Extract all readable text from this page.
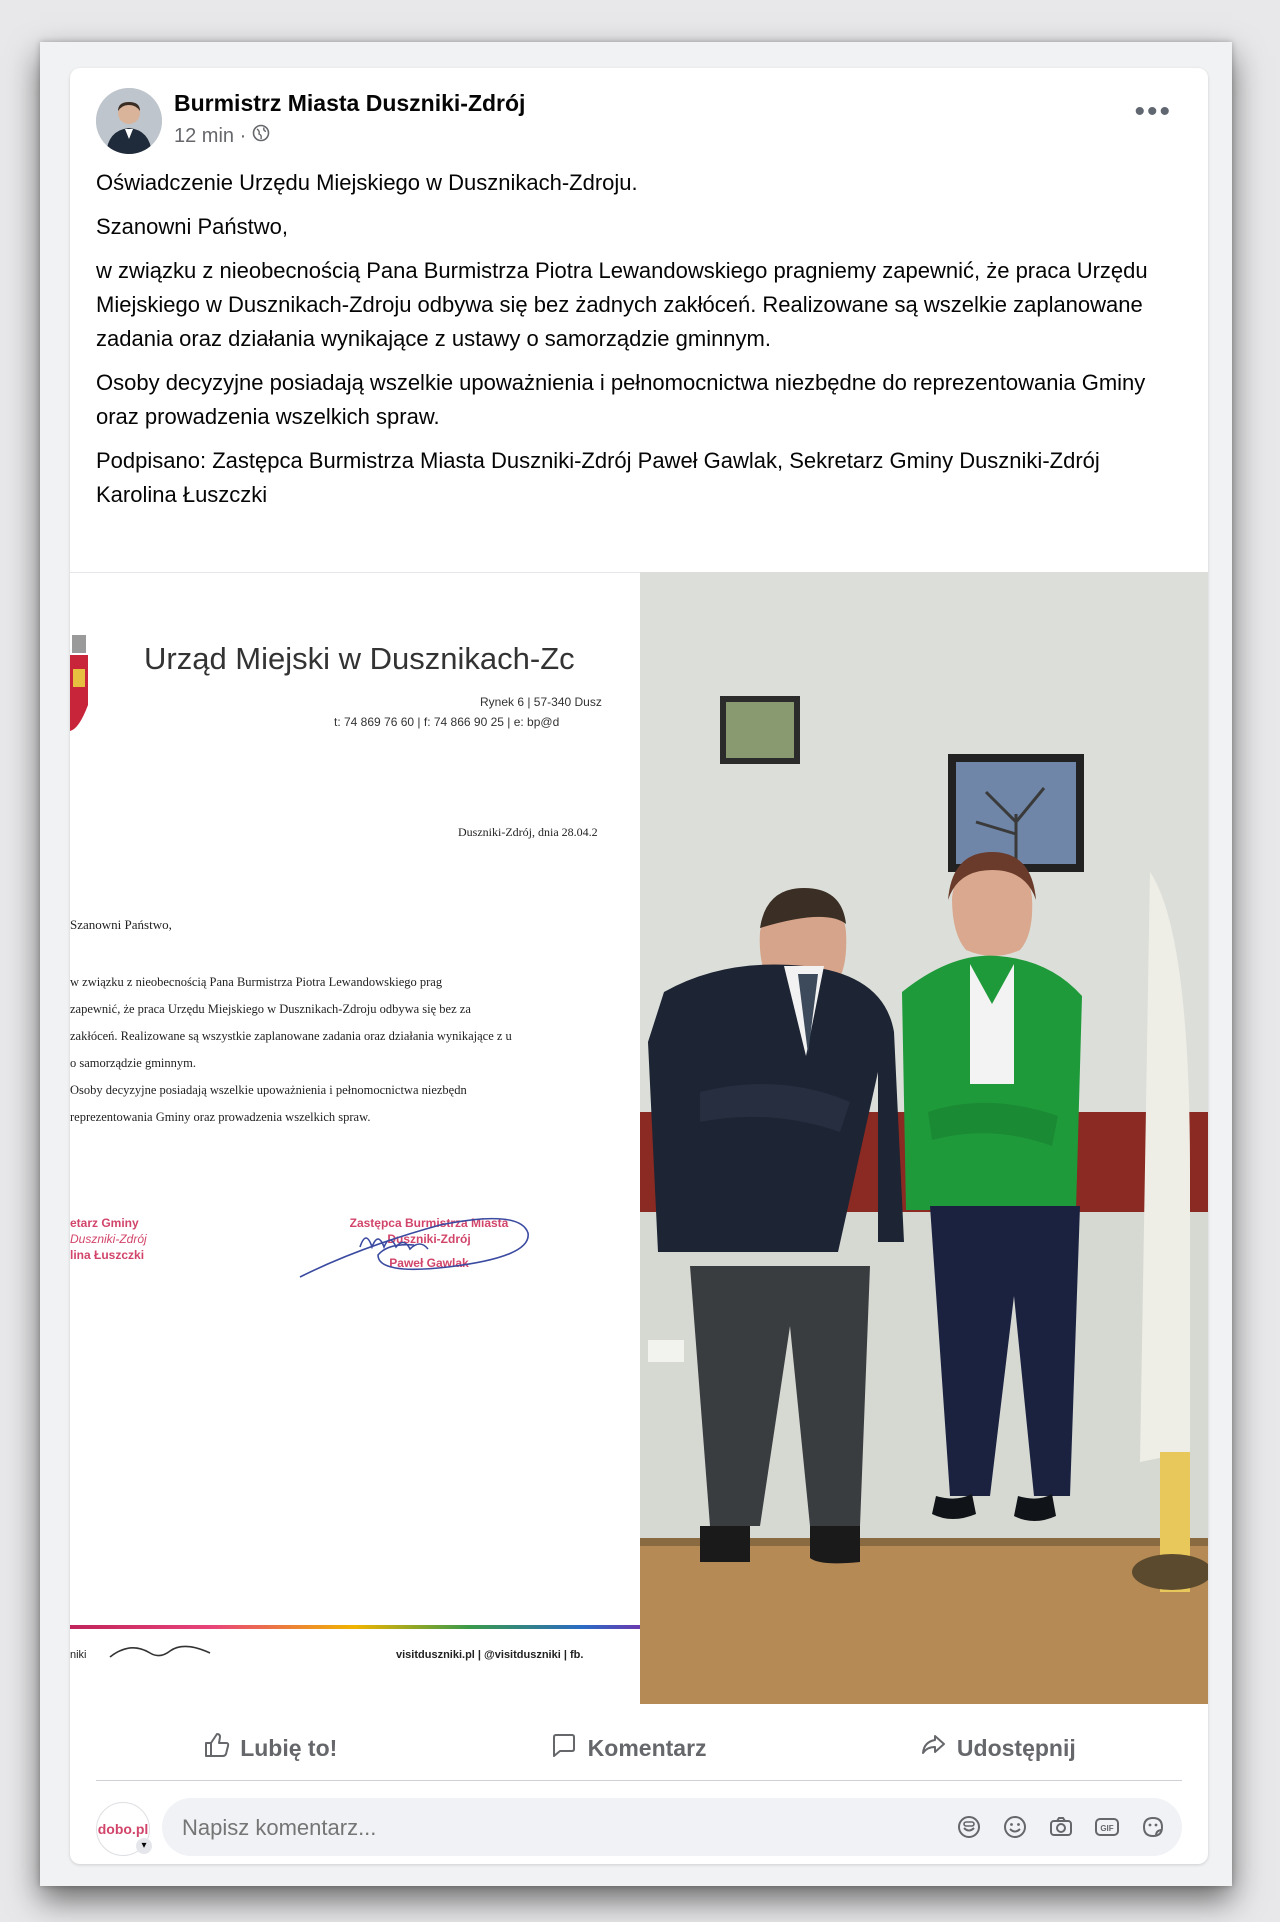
Burmistrz Miasta Duszniki-Zdrój
12 min ·
•••

Oświadczenie Urzędu Miejskiego w Dusznikach-Zdroju.

Szanowni Państwo,

w związku z nieobecnością Pana Burmistrza Piotra Lewandowskiego pragniemy zapewnić, że praca Urzędu Miejskiego w Dusznikach-Zdroju odbywa się bez żadnych zakłóceń. Realizowane są wszelkie zaplanowane zadania oraz działania wynikające z ustawy o samorządzie gminnym.

Osoby decyzyjne posiadają wszelkie upoważnienia i pełnomocnictwa niezbędne do reprezentowania Gminy oraz prowadzenia wszelkich spraw.

Podpisano: Zastępca Burmistrza Miasta Duszniki-Zdrój Paweł Gawlak, Sekretarz Gminy Duszniki-Zdrój Karolina Łuszczki

Urząd Miejski w Dusznikach-Zc
Rynek 6 | 57-340 Dusz
t: 74 869 76 60 | f: 74 866 90 25 | e: bp@d
Duszniki-Zdrój, dnia 28.04.2
Szanowni Państwo,
w związku z nieobecnością Pana Burmistrza Piotra Lewandowskiego prag
zapewnić, że praca Urzędu Miejskiego w Dusznikach-Zdroju odbywa się bez za
zakłóceń. Realizowane są wszystkie zaplanowane zadania oraz działania wynikające z u
o samorządzie gminnym.
Osoby decyzyjne posiadają wszelkie upoważnienia i pełnomocnictwa niezbędn
reprezentowania Gminy oraz prowadzenia wszelkich spraw.
etarz Gminy
Duszniki-Zdrój
lina Łuszczki
Zastępca Burmistrza Miasta
Duszniki-Zdrój
Paweł Gawlak
niki	visitduszniki.pl | @visitduszniki | fb.
Lubię to!	Komentarz	Udostępnij
dobo.pl
▾
Napisz komentarz...
GIF
